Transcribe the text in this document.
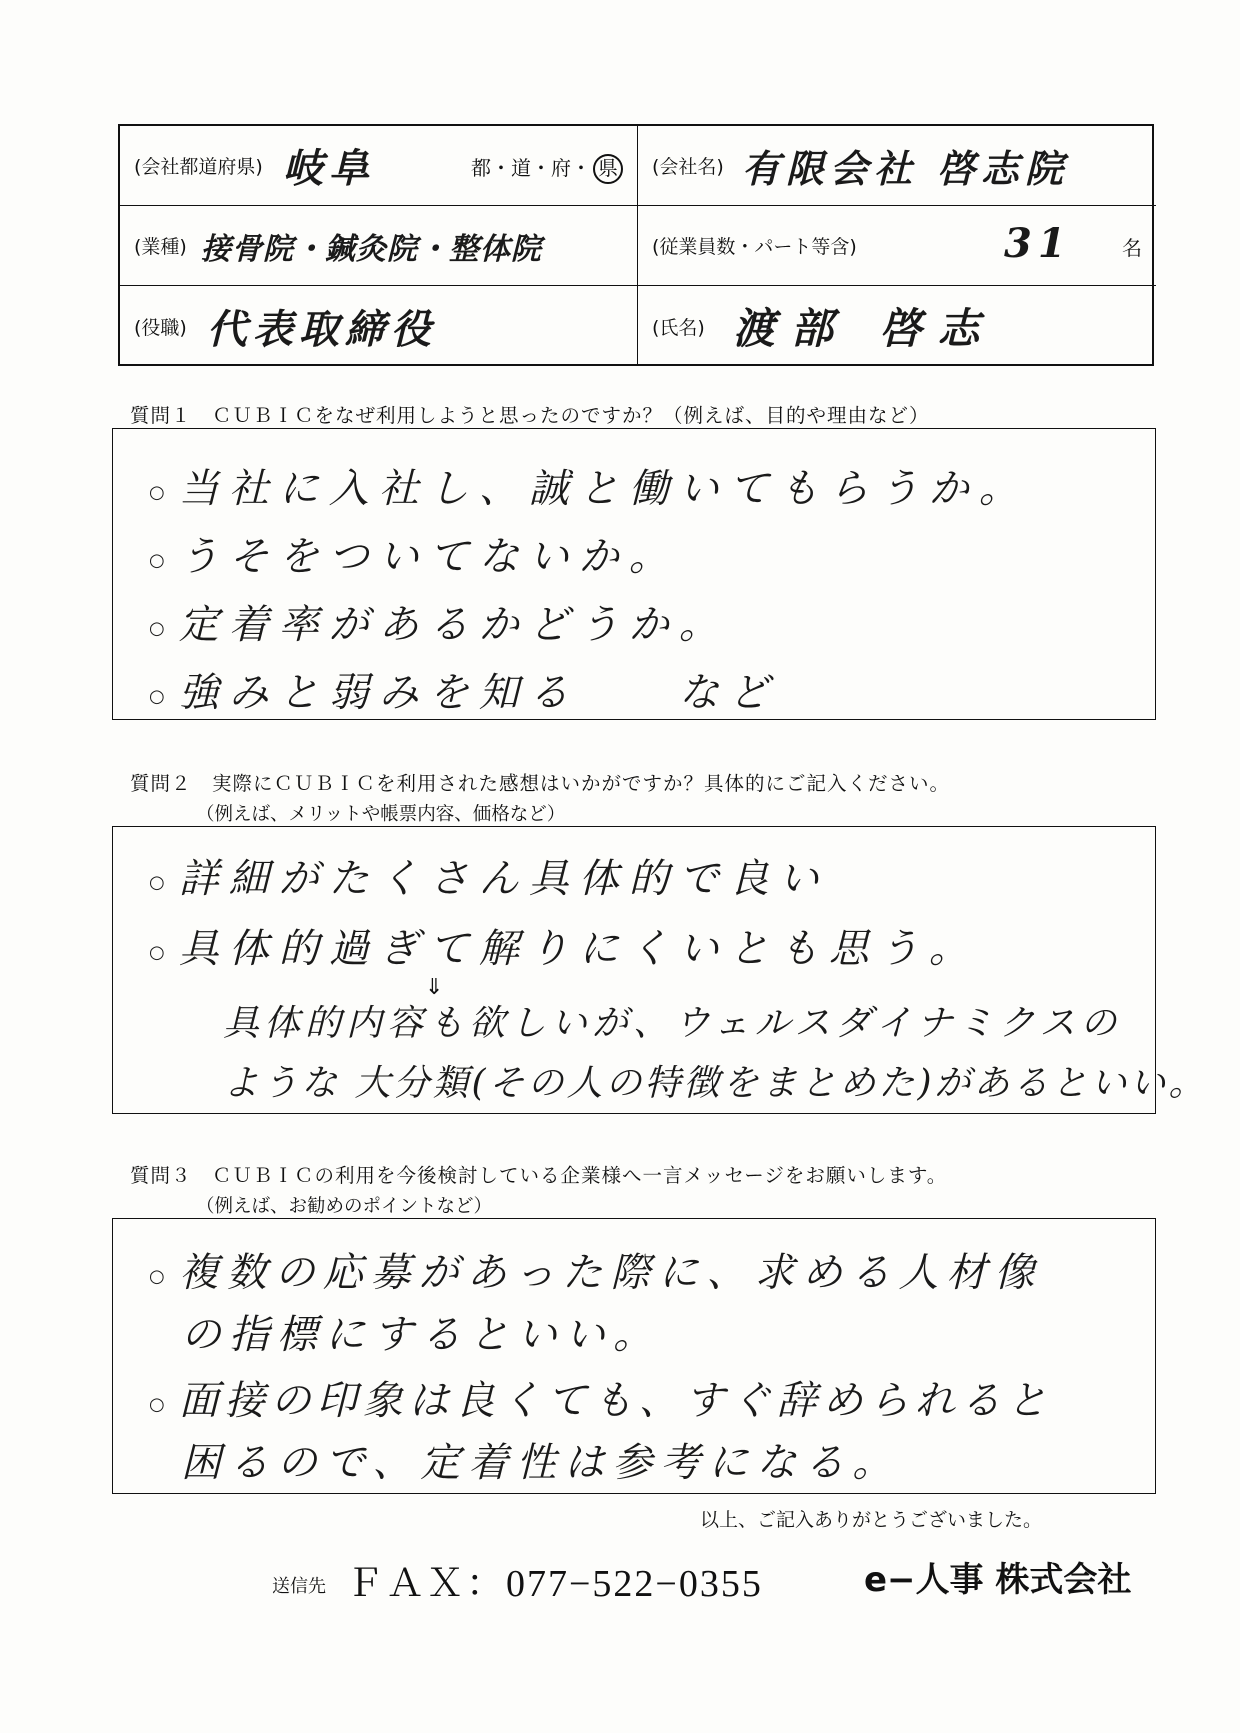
(会社都道府県) 岐阜	都・道・府・ 県 (会社名) 有限会社 啓志院
(業種) 接骨院・鍼灸院・整体院	(従業員数・パート等含)	31	名
(役職) 代表取締役	(氏名) 渡部 啓志
質問１　ＣＵＢＩＣをなぜ利用しようと思ったのですか？（例えば、目的や理由など）
○ 当社に入社し、誠と働いてもらうか。
○ うそをついてないか。
○ 定着率があるかどうか。
○ 強みと弱みを知る　　など
質問２　実際にＣＵＢＩＣを利用された感想はいかがですか？具体的にご記入ください。
（例えば、メリットや帳票内容、価格など）
○ 詳細がたくさん具体的で良い
○ 具体的過ぎて解りにくいとも思う。
⇓
具体的内容も欲しいが、ウェルスダイナミクスの
ような 大分類(その人の特徴をまとめた)があるといい。
質問３　ＣＵＢＩＣの利用を今後検討している企業様へ一言メッセージをお願いします。
（例えば、お勧めのポイントなど）
○ 複数の応募があった際に、求める人材像
の指標にするといい。
○ 面接の印象は良くても、すぐ辞められると
困るので、定着性は参考になる。
以上、ご記入ありがとうございました。
送信先 ＦＡＸ：077−522−0355	e−人事 株式会社
